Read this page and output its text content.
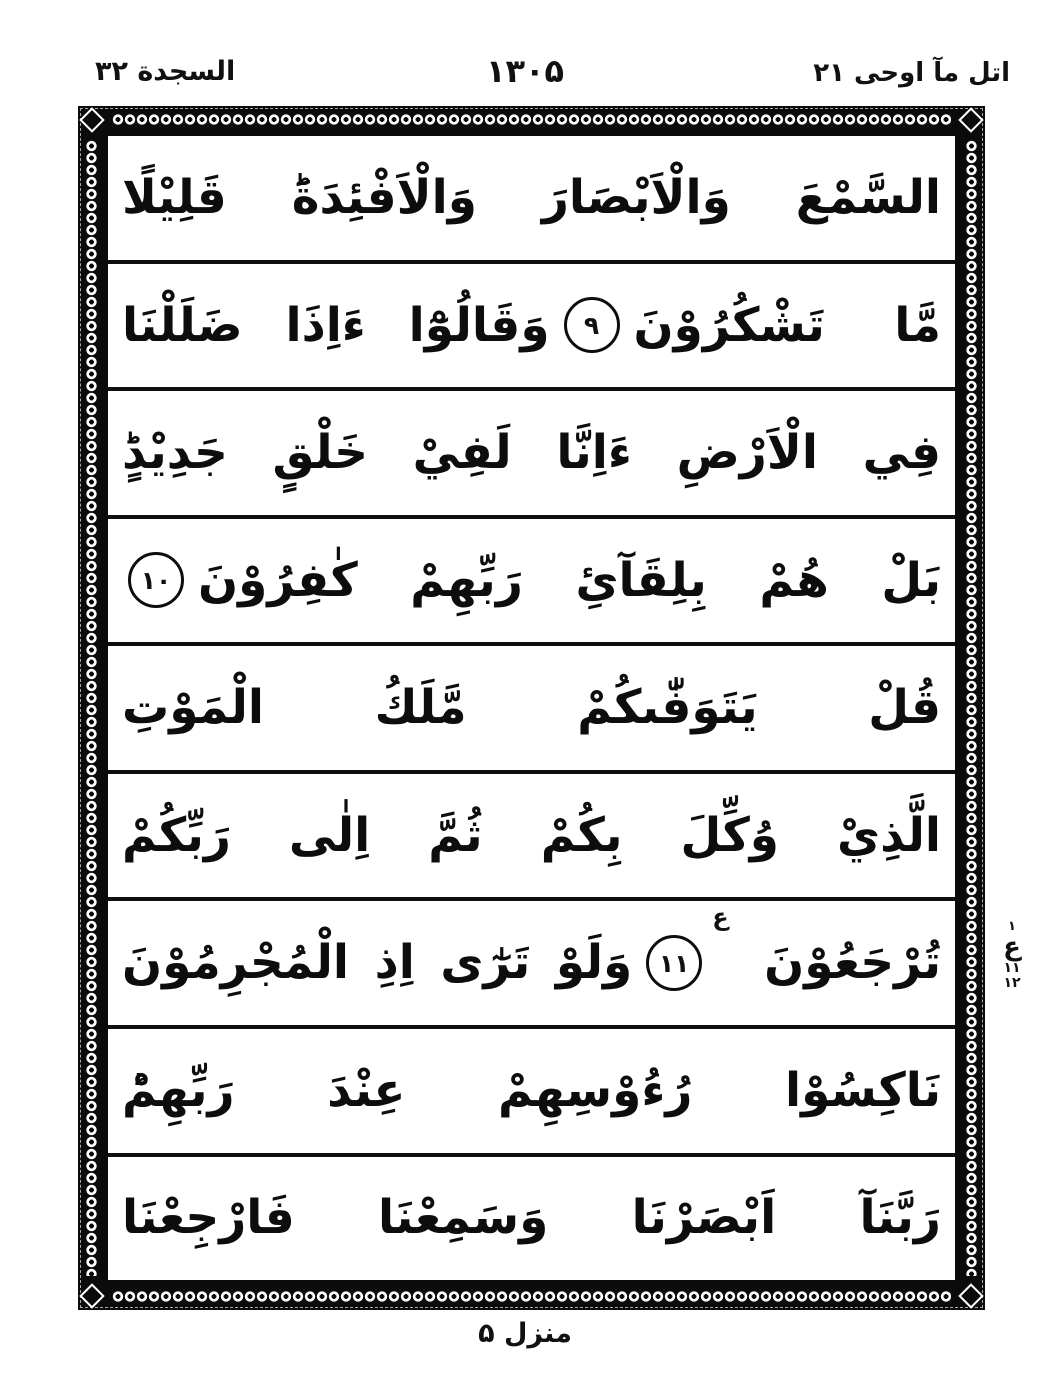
السجدة ۳۲	۱۳۰۵	اتل مآ اوحی ۲۱
السَّمْعَ وَالْاَبْصَارَ وَالْاَفْئِدَةَؕ قَلِيْلًا
مَّا تَشْكُرُوْنَ
۹
وَقَالُوْٓا ءَاِذَا ضَلَلْنَا
فِي الْاَرْضِ ءَاِنَّا لَفِيْ خَلْقٍ جَدِيْدٍؕ
بَلْ هُمْ بِلِقَآئِ رَبِّهِمْ كٰفِرُوْنَ
۱۰
قُلْ يَتَوَفّٰىكُمْ مَّلَكُ الْمَوْتِ
الَّذِيْ وُكِّلَ بِكُمْ ثُمَّ اِلٰى رَبِّكُمْ
تُرْجَعُوْنَ
ع
۱۱
وَلَوْ تَرٰٓى اِذِ الْمُجْرِمُوْنَ
نَاكِسُوْا رُءُوْسِهِمْ عِنْدَ رَبِّهِمْؕ
رَبَّنَآ اَبْصَرْنَا وَسَمِعْنَا فَارْجِعْنَا
۱
ع
۱۱
۱۲
منزل ۵
